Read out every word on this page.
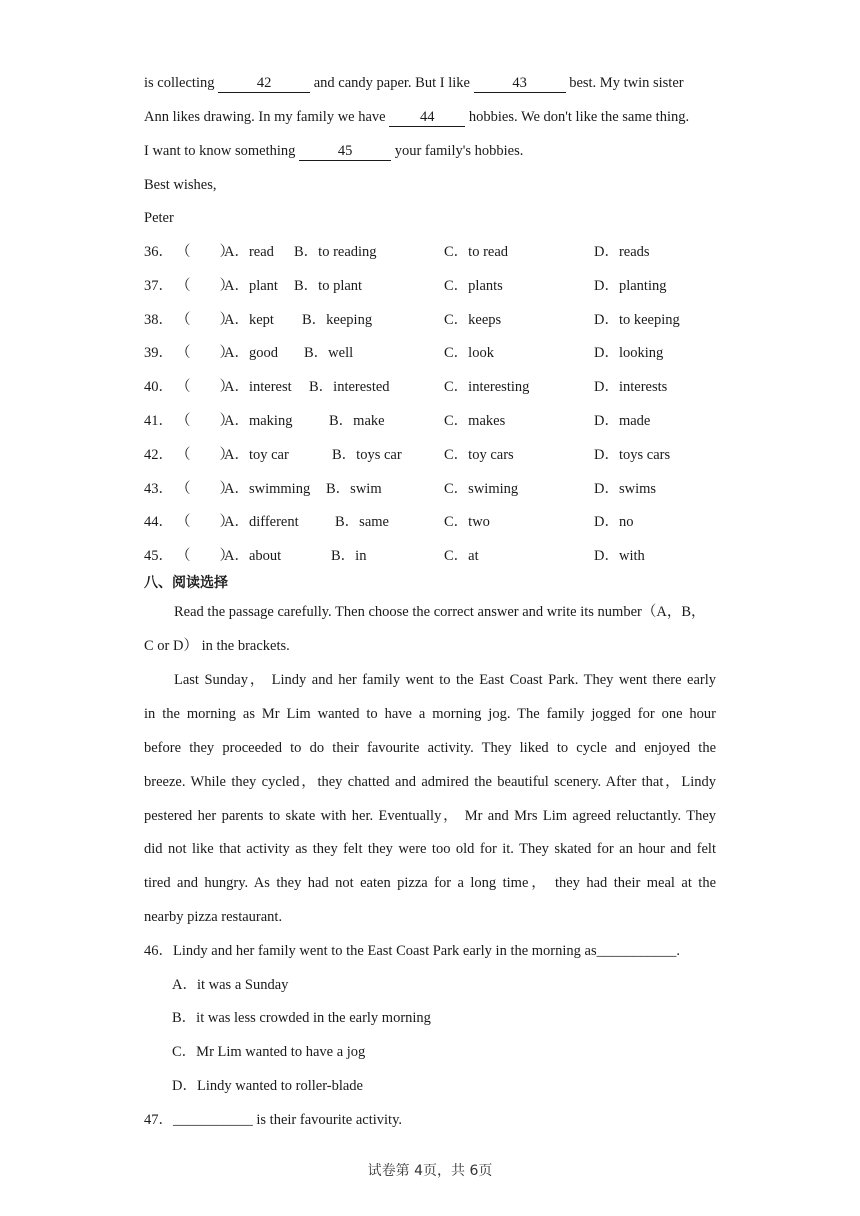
is collecting	42	and candy paper. But I like	43	best. My twin sister
Ann likes drawing. In my family we have 44 hobbies. We don't like the same thing.
I want to know something	45	your family's hobbies.
Best wishes,
Peter
36． （　　）
A．read B．to reading	C．to read	D．reads
37． （　　）
A．plant B．to plant	C．plants	D．planting
38． （　　）
A．kept B．keeping	C．keeps	D．to keeping
39． （　　）
A．good B．well	C．look	D．looking
40． （　　）
A．interest B．interested	C．interesting	D．interests
41． （　　）
A．making	B．make	C．makes	D．made
42． （　　）
A．toy car	B．toys car	C．toy cars	D．toys cars
43． （　　）
A．swimming B．swim	C．swiming	D．swims
44． （　　）
A．different	B．same	C．two	D．no
45． （　　）
A．about	B．in	C．at	D．with
八、阅读选择
Read the passage carefully. Then choose the correct answer and write its number（A，B，
C or D） in the brackets.
Last Sunday， Lindy and her family went to the East Coast Park. They went there early
in the morning as Mr Lim wanted to have a morning jog. The family jogged for one hour
before they proceeded to do their favourite activity. They liked to cycle and enjoyed the
breeze. While they cycled，they chatted and admired the beautiful scenery. After that，Lindy
pestered her parents to skate with her. Eventually， Mr and Mrs Lim agreed reluctantly. They
did not like that activity as they felt they were too old for it. They skated for an hour and felt
tired and hungry. As they had not eaten pizza for a long time， they had their meal at the
nearby pizza restaurant.
46．Lindy and her family went to the East Coast Park early in the morning as___________.
A．it was a Sunday
B．it was less crowded in the early morning
C．Mr Lim wanted to have a jog
D．Lindy wanted to roller-blade
47．___________ is their favourite activity.
试卷第 4页，共 6页
